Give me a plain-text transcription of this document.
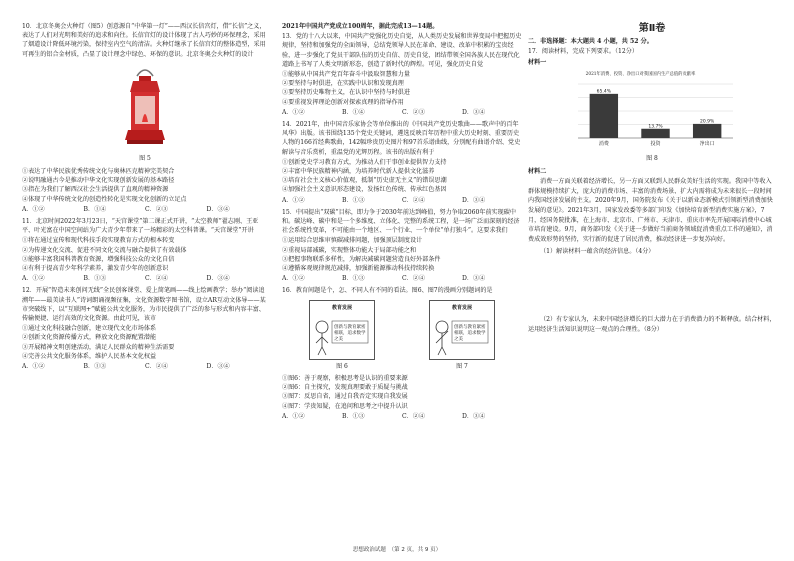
10．北京冬奥会火种灯（图5）创意源自“中华第一灯”——西汉长信宫灯，借“长信”之义，表达了人们对光明和美好的追求和向往。长信宫灯的设计体现了古人巧妙的环保理念，采用了烟道设计降低环境污染，保持室内空气的清洁。火种灯继承了长信宫灯的整体造型，采用可再生的铝合金材质，凸显了设计理念中绿色、环保的意识。北京冬奥会火种灯的设计

图 5

①表达了中华民族优秀传统文化与奥林匹克精神完美契合

②说明融通古今是推动中华文化实现创新发展的基本路径

③指在为我们了解西汉社会生活提供了直观的精神资源

④体现了中华传统文化的创造性转化是实现文化创新的立足点

A．①②	B．①④	C．②③	D．③④

11．北京时间2022年3月23日，“天宫课堂”第二课正式开讲，“太空教师”翟志刚、王亚平、叶光富在中国空间站为广大青少年带来了一场精彩的太空科普课。“天宫课堂”开讲

①将在通过宣传和现代科技手段实现教育方式的根本转变

②为传递文化交流、促进不同文化交流与融合提供了有效载体

③能够丰富我国科普教育资源，增强科技公众的文化自信

④有利于提高青少年科学素养，激发青少年的创新意识

A．①②	B．①③	C．②④	D．③④

12．开展“智造未来创问无线”全民创客课堂、爱上简笔画——线上绘画教学；举办“阅读追溯年——最美读书人”诗词朗诵视频征集，文化资源数字图书馆，设立AR互动文体导——某市突破线下，以“互联网+”赋能公共文化服务，为市民提供了广泛的参与形式和内容丰富、传输便捷、运行高效的文化资源。由此可见，该市

①通过文化科技融合创新，建立现代文化市场体系

②创新文化资源传播方式，释放文化资源配置潜能

③开展精神文明创建活动，满足人民群众的精神生活需要

④完善公共文化服务体系，维护人民基本文化权益

A．①②	B．①③	C．②④	D．③④

2021年中国共产党成立100周年，据此完成13—14题。

13．党的十八大以来，中国共产党强化历史自觉，从人类历史发展和世界变局中把握历史规律，坚持和加强党的全面领导，总结党领导人民在革命、建设、改革中积累的宝贵经验，进一步强化了党员干部队伍的历史自信、历史自觉，团结带领全国各族人民在现代化道路上书写了人类文明新形态，创造了新时代的辉煌。可见，强化历史自觉

①能够从中国共产党百年奋斗中汲取智慧和力量

②要坚持与时俱进，在实践中认识和发现真理

③要坚持历史唯物主义，在认识中坚持与时俱进

④要重视发挥理论创新对探索真理的指导作用

A．①②	B．①④	C．②③	D．③④

14．2021年，由中国音乐家协会等单位推出的《中国共产党历史歌曲——歌声中的百年风华》出版。该书围绕135个党史关键词，遴选反映百年历程中重大历史时刻、重要历史人物的166首经典歌曲，142幅珍贵历史图片和97首乐谱曲线，分别配有曲谱介绍、党史解读与音乐赏析，重温党的光辉历程。该书的出版有利于

①创新党史学习教育方式，为推动人们干事创业提供智力支持

②丰富中华民族精神内涵，为培养时代新人提供文化滋养

③培育社会主义核心价值观，抵制“历史虚无主义”的错误思潮

④加强社会主义意识形态建设，发扬红色传统、传承红色基因

A．①②	B．①③	C．②④	D．③④

15．中国提出“双碳”目标，即力争于2030年前达到峰值，努力争取2060年前实现碳中和。碳达峰、碳中和是一个多维度、立体化、完整的系统工程，是一场广泛而深刻的经济社会系统性变革，不可能由一个地区、一个行业、一个单位“单打独斗”。这要求我们

①运用综合思维审慎碳减排问题，加强顶层制度设计

②重视局部减碳，实现整体功能大于局部功能之和

③把握事物联系多样性，为解决减碳问题营造良好外部条件

④遵循客观规律规范减排，加强新能源推动科技持续转换

A．①②	B．①③	C．②④	D．③④

16．教育间题是个，怎、不同人有不同的看法。图6、图7的漫画分别题词的是

教育发展
创新与教育紧密相联，追求数学之美
教育发展
创新与教育紧密相联，追求数学之美
图 6	图 7

①图6：善于观察，积极思考是认识的重要来源

②图6：自主探究，发现真理要敢于质疑与挑战

③图7：反思自省，通过自我否定实现自我发展

④图7：学贵知疑，在追问和思考之中提升认识

A．①②	B．①③	C．②④	D．③④
第Ⅱ卷

二．非选择题：本大题共 4 小题，共 52 分。

17．阅读材料，完成下列要求。（12分）

材料一

2021年消费、投资、净出口对我国国内生产总值的贡献率
65.4%
消费
13.7%
投资
20.9%
净出口
图 8

材料二

消费一方面关联着经济增长，另一方面又联到人民群众美好生活的实现。我国中等收入群体规模持续扩大，庞大的消费市场、丰富的消费场景、扩大内需将成为未来很长一段时间内我国经济发展的主支。2020年9月，国务院发布《关于以新业态新模式引领新型消费加快发展的意见》。2021年3月，国家发改委等多部门印发《加快培育新型消费实施方案》，7月，经国务院批准，在上海市、北京市、广州市、天津市、重庆市率先开展国际消费中心城市培育建设。9月，商务部印发《关于进一步做好当前商务领域促消费重点工作的通知》，消费成效形势的坚持，实行新的促进了居民消费，推动经济进一步复苏向好。

（1）解读材料一蕴含的经济信息。（4分）

（2）有专家认为，未来中国经济增长的巨大潜力在于消费潜力的不断释放。结合材料，运用经济生活知识说明这一观点的合理性。（8分）

思想政治试题　（第 2 页，共 9 页）
